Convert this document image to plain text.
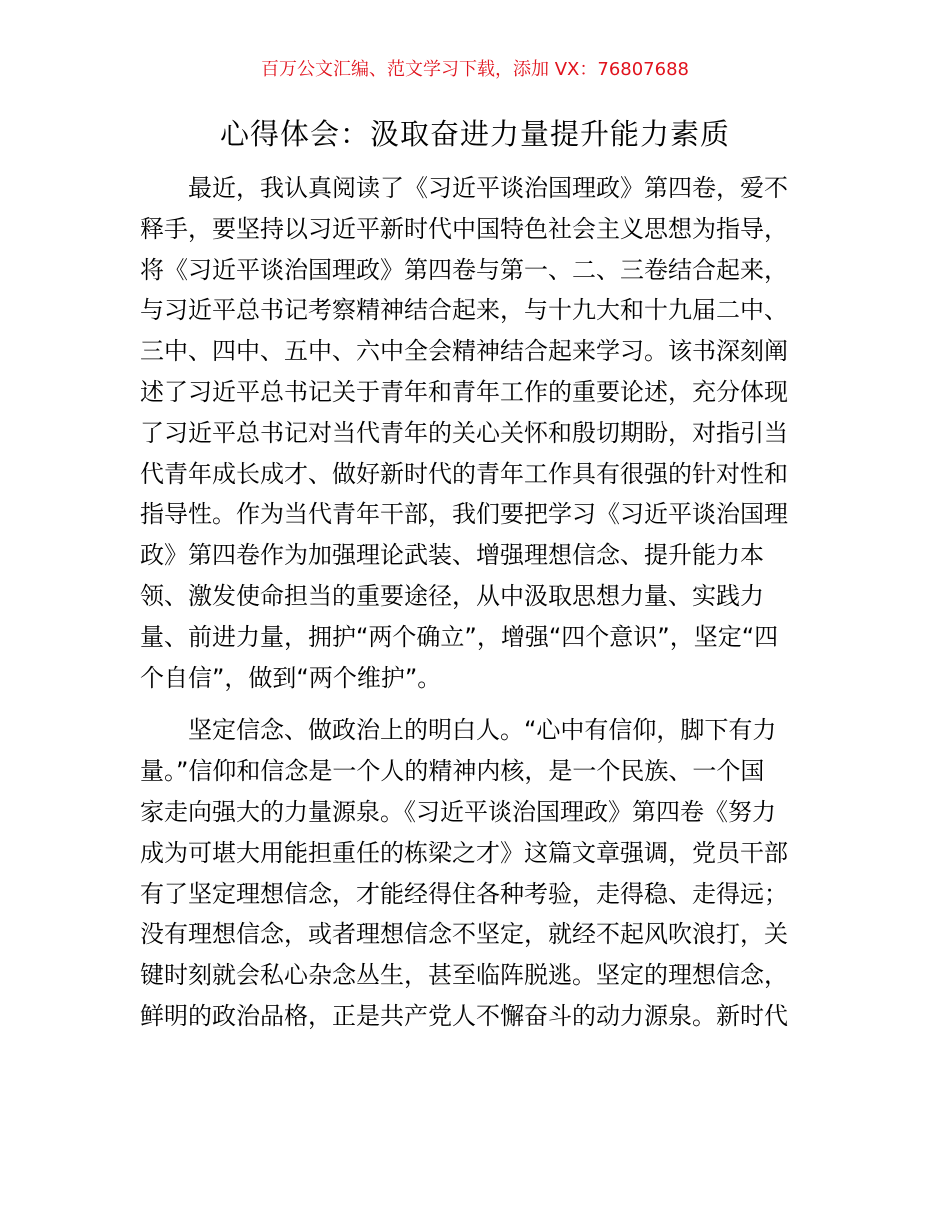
百万公文汇编、范文学习下载，添加 VX：76807688
心得体会：汲取奋进力量提升能力素质

最近，我认真阅读了《习近平谈治国理政》第四卷，爱不
释手，要坚持以习近平新时代中国特色社会主义思想为指导，
将《习近平谈治国理政》第四卷与第一、二、三卷结合起来，
与习近平总书记考察精神结合起来，与十九大和十九届二中、
三中、四中、五中、六中全会精神结合起来学习。该书深刻阐
述了习近平总书记关于青年和青年工作的重要论述，充分体现
了习近平总书记对当代青年的关心关怀和殷切期盼，对指引当
代青年成长成才、做好新时代的青年工作具有很强的针对性和
指导性。作为当代青年干部，我们要把学习《习近平谈治国理
政》第四卷作为加强理论武装、增强理想信念、提升能力本
领、激发使命担当的重要途径，从中汲取思想力量、实践力
量、前进力量，拥护“两个确立”，增强“四个意识”，坚定“四
个自信”，做到“两个维护”。

坚定信念、做政治上的明白人。“心中有信仰，脚下有力
量。”信仰和信念是一个人的精神内核，是一个民族、一个国
家走向强大的力量源泉。《习近平谈治国理政》第四卷《努力
成为可堪大用能担重任的栋梁之才》这篇文章强调，党员干部
有了坚定理想信念，才能经得住各种考验，走得稳、走得远；
没有理想信念，或者理想信念不坚定，就经不起风吹浪打，关
键时刻就会私心杂念丛生，甚至临阵脱逃。坚定的理想信念，
鲜明的政治品格，正是共产党人不懈奋斗的动力源泉。新时代
